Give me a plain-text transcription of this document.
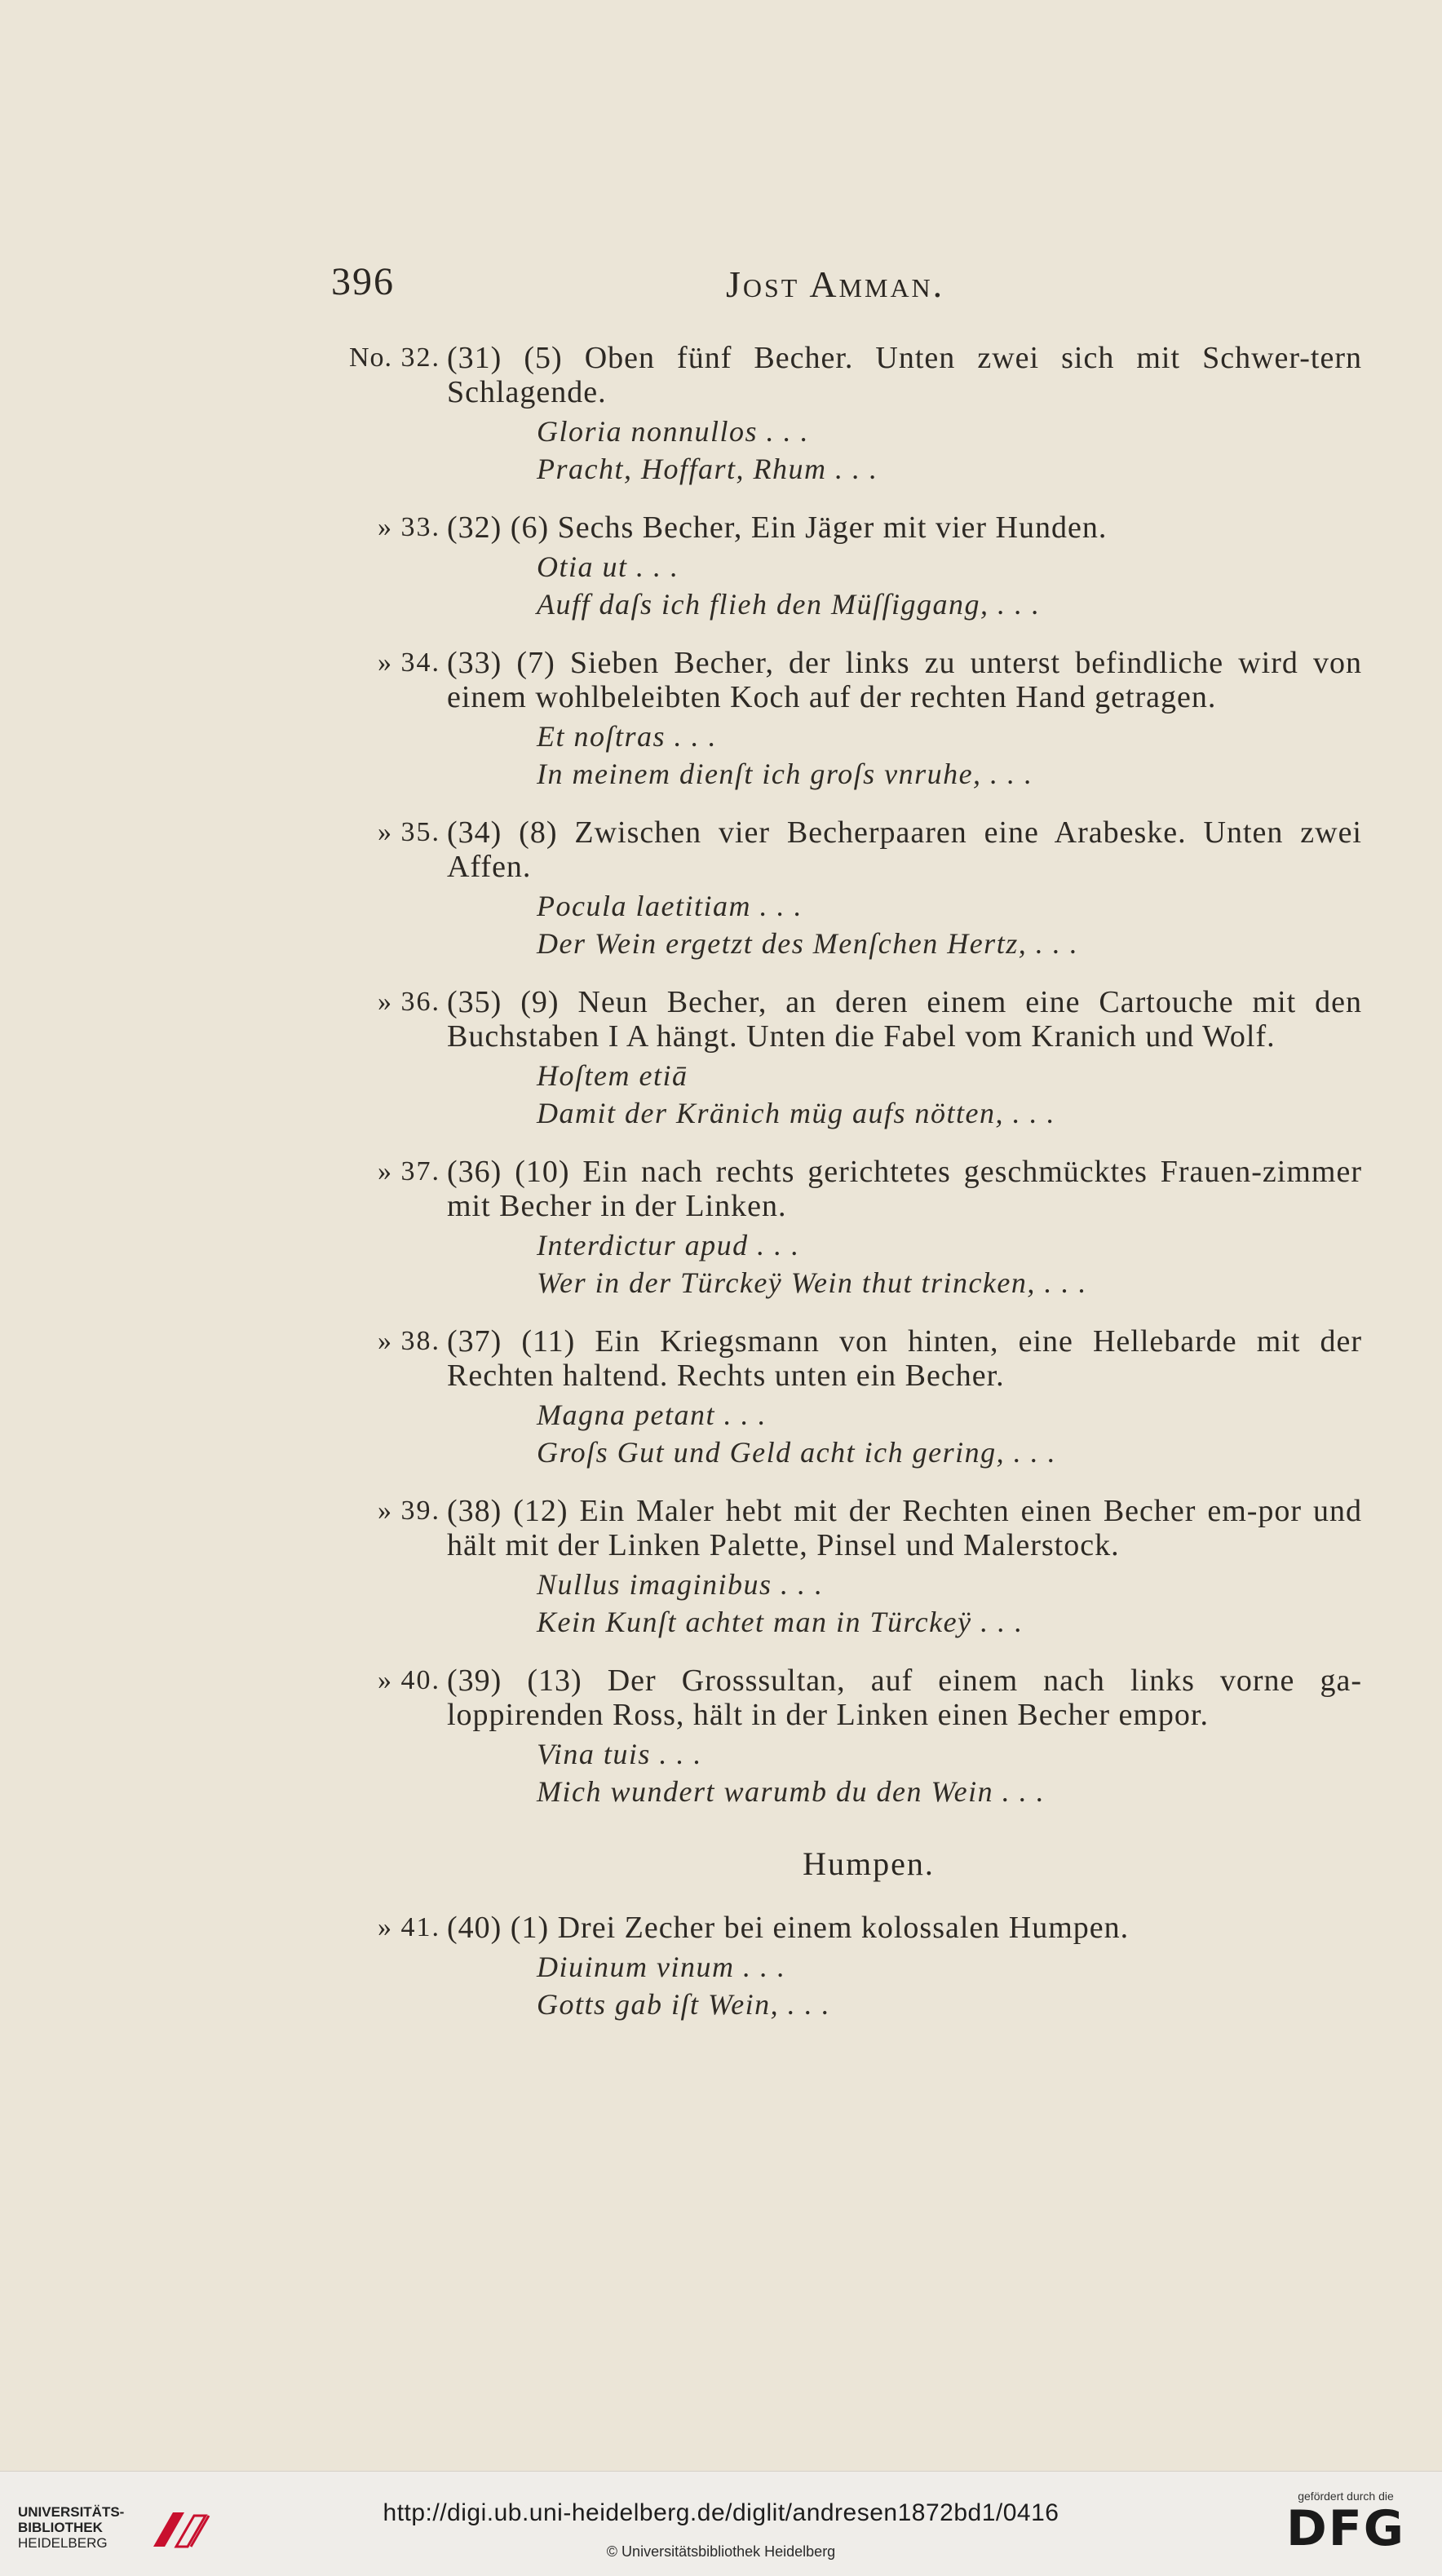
396	Jost Amman.
No. 32. (31) (5) Oben fünf Becher. Unten zwei sich mit Schwer-tern Schlagende.
Gloria nonnullos . . .
Pracht, Hoffart, Rhum . . .
» 33. (32) (6) Sechs Becher, Ein Jäger mit vier Hunden.
Otia ut . . .
Auff daſs ich flieh den Müſſiggang, . . .
» 34. (33) (7) Sieben Becher, der links zu unterst befindliche wird von einem wohlbeleibten Koch auf der rechten Hand getragen.
Et noſtras . . .
In meinem dienſt ich groſs vnruhe, . . .
» 35. (34) (8) Zwischen vier Becherpaaren eine Arabeske. Unten zwei Affen.
Pocula laetitiam . . .
Der Wein ergetzt des Menſchen Hertz, . . .
» 36. (35) (9) Neun Becher, an deren einem eine Cartouche mit den Buchstaben I A hängt. Unten die Fabel vom Kranich und Wolf.
Hoſtem etiā
Damit der Kränich müg aufs nötten, . . .
» 37. (36) (10) Ein nach rechts gerichtetes geschmücktes Frauen-zimmer mit Becher in der Linken.
Interdictur apud . . .
Wer in der Türckeÿ Wein thut trincken, . . .
» 38. (37) (11) Ein Kriegsmann von hinten, eine Hellebarde mit der Rechten haltend. Rechts unten ein Becher.
Magna petant . . .
Groſs Gut und Geld acht ich gering, . . .
» 39. (38) (12) Ein Maler hebt mit der Rechten einen Becher em-por und hält mit der Linken Palette, Pinsel und Malerstock.
Nullus imaginibus . . .
Kein Kunſt achtet man in Türckeÿ . . .
» 40. (39) (13) Der Grosssultan, auf einem nach links vorne ga-loppirenden Ross, hält in der Linken einen Becher empor.
Vina tuis . . .
Mich wundert warumb du den Wein . . .
Humpen.
» 41. (40) (1) Drei Zecher bei einem kolossalen Humpen.
Diuinum vinum . . .
Gotts gab iſt Wein, . . .
UNIVERSITÄTS-
BIBLIOTHEK
HEIDELBERG
http://digi.ub.uni-heidelberg.de/diglit/andresen1872bd1/0416
© Universitätsbibliothek Heidelberg
gefördert durch die
DFG
